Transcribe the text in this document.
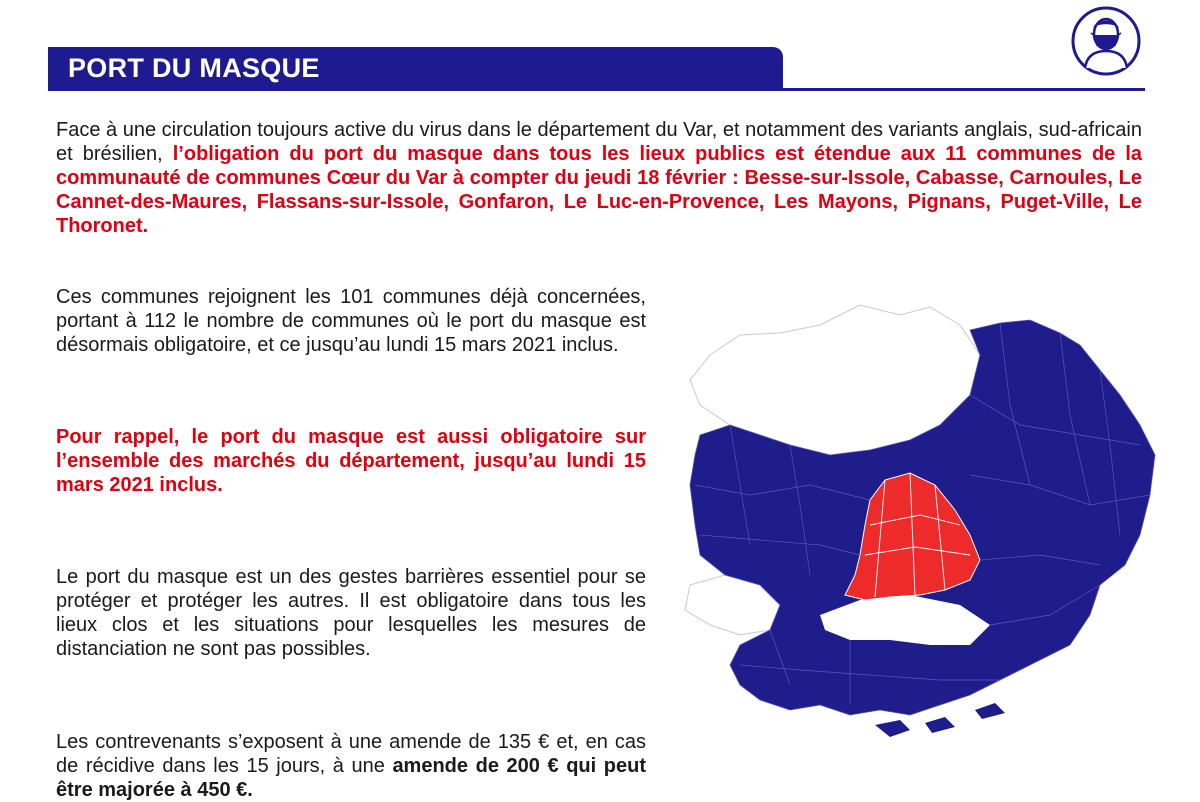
PORT DU MASQUE

Face à une circulation toujours active du virus dans le département du Var, et notamment des variants anglais, sud-africain et brésilien, l’obligation du port du masque dans tous les lieux publics est étendue aux 11 communes de la communauté de communes Cœur du Var à compter du jeudi 18 février : Besse-sur-Issole, Cabasse, Carnoules, Le Cannet-des-Maures, Flassans-sur-Issole, Gonfaron, Le Luc-en-Provence, Les Mayons, Pignans, Puget-Ville, Le Thoronet.

Ces communes rejoignent les 101 communes déjà concernées, portant à 112 le nombre de communes où le port du masque est désormais obligatoire, et ce jusqu’au lundi 15 mars 2021 inclus.

Pour rappel, le port du masque est aussi obligatoire sur l’ensemble des marchés du département, jusqu’au lundi 15 mars 2021 inclus.

Le port du masque est un des gestes barrières essentiel pour se protéger et protéger les autres. Il est obligatoire dans tous les lieux clos et les situations pour lesquelles les mesures de distanciation ne sont pas possibles.

Les contrevenants s’exposent à une amende de 135 € et, en cas de récidive dans les 15 jours, à une amende de 200 € qui peut être majorée à 450 €.
